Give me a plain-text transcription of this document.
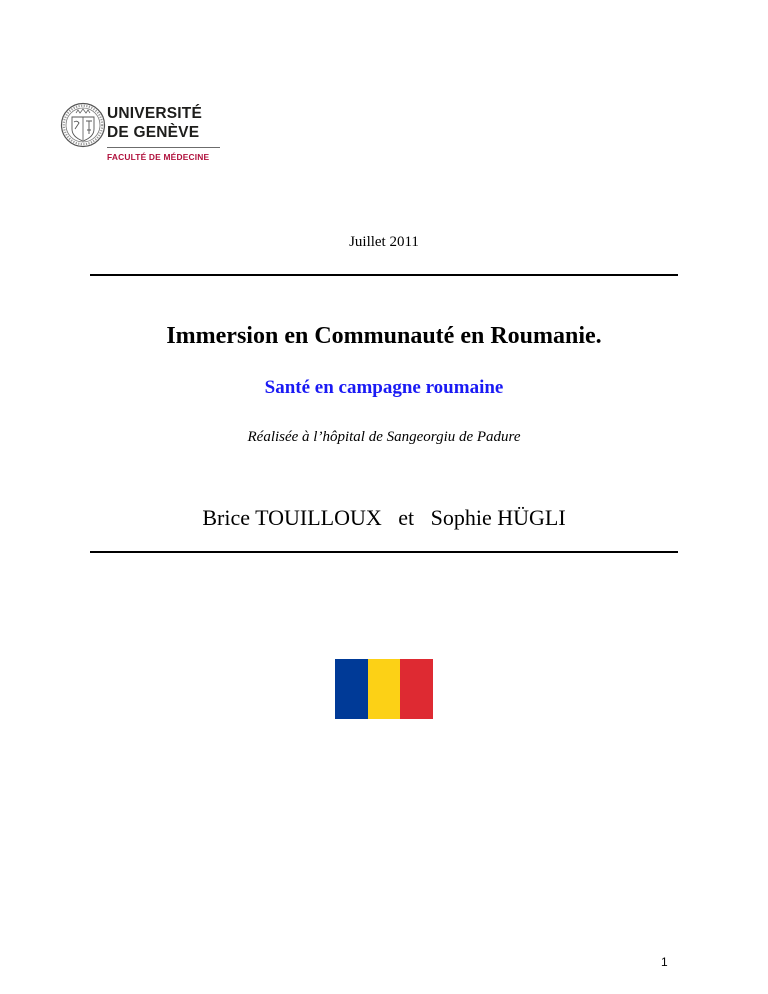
UNIVERSITÉ
DE GENÈVE
FACULTÉ DE MÉDECINE
Juillet 2011
Immersion en Communauté en Roumanie.
Santé en campagne roumaine
Réalisée à l’hôpital de Sangeorgiu de Padure
Brice TOUILLOUX   et   Sophie HÜGLI
1
